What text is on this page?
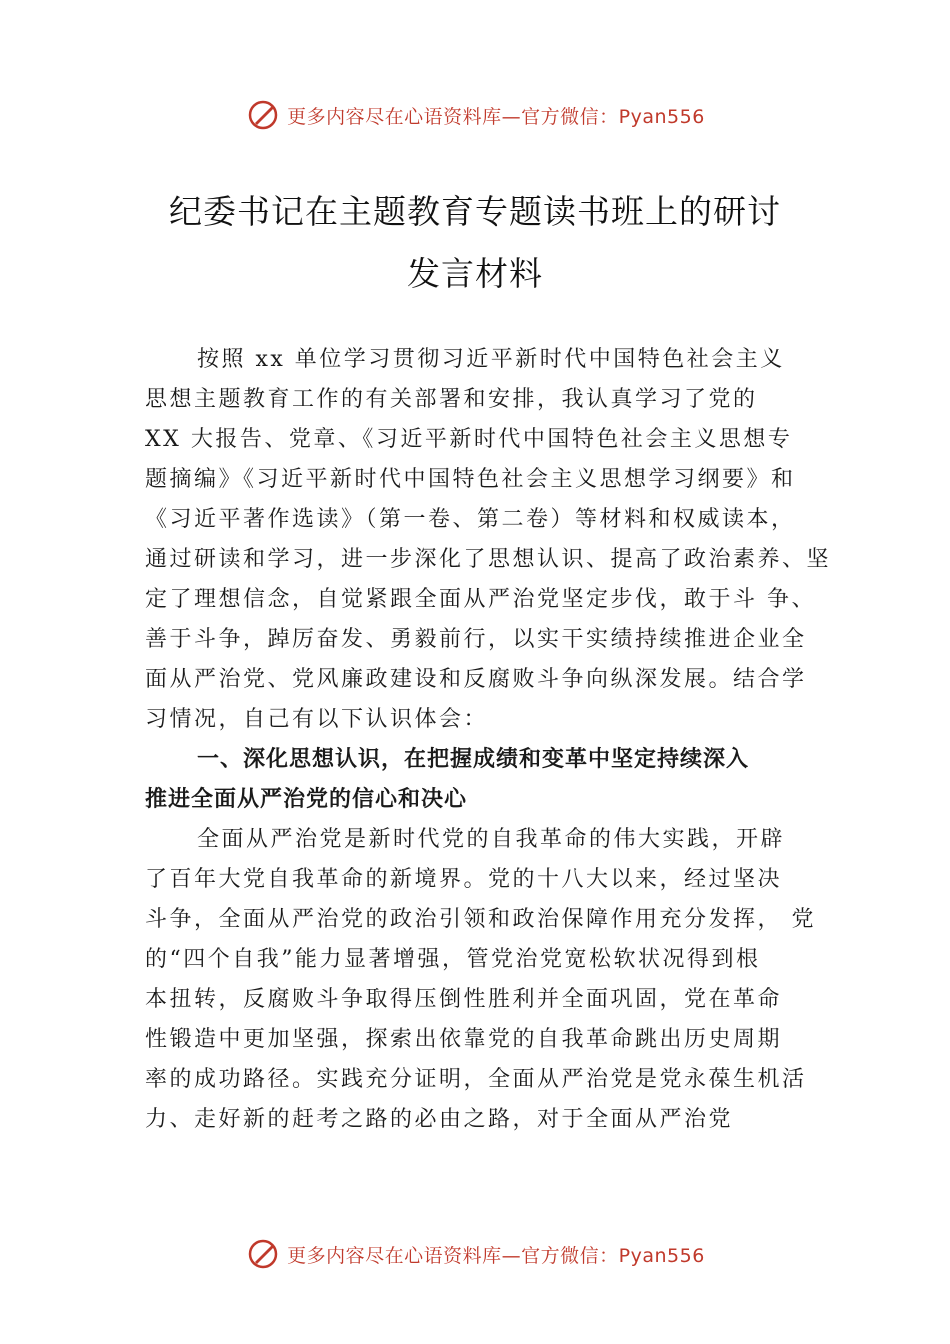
更多内容尽在心语资料库—官方微信：Pyan556
纪委书记在主题教育专题读书班上的研讨
发言材料
按照 xx 单位学习贯彻习近平新时代中国特色社会主义
思想主题教育工作的有关部署和安排，我认真学习了党的
XX 大报告、党章、《习近平新时代中国特色社会主义思想专
题摘编》《习近平新时代中国特色社会主义思想学习纲要》和
《习近平著作选读》（第一卷、第二卷）等材料和权威读本，
通过研读和学习，进一步深化了思想认识、提高了政治素养、坚
定了理想信念，自觉紧跟全面从严治党坚定步伐，敢于斗 争、
善于斗争，踔厉奋发、勇毅前行，以实干实绩持续推进企业全
面从严治党、党风廉政建设和反腐败斗争向纵深发展。结合学
习情况，自己有以下认识体会：
一、深化思想认识，在把握成绩和变革中坚定持续深入
推进全面从严治党的信心和决心
全面从严治党是新时代党的自我革命的伟大实践，开辟
了百年大党自我革命的新境界。党的十八大以来，经过坚决
斗争，全面从严治党的政治引领和政治保障作用充分发挥， 党
的“四个自我”能力显著增强，管党治党宽松软状况得到根
本扭转，反腐败斗争取得压倒性胜利并全面巩固，党在革命
性锻造中更加坚强，探索出依靠党的自我革命跳出历史周期
率的成功路径。实践充分证明，全面从严治党是党永葆生机活
力、走好新的赶考之路的必由之路，对于全面从严治党
更多内容尽在心语资料库—官方微信：Pyan556
